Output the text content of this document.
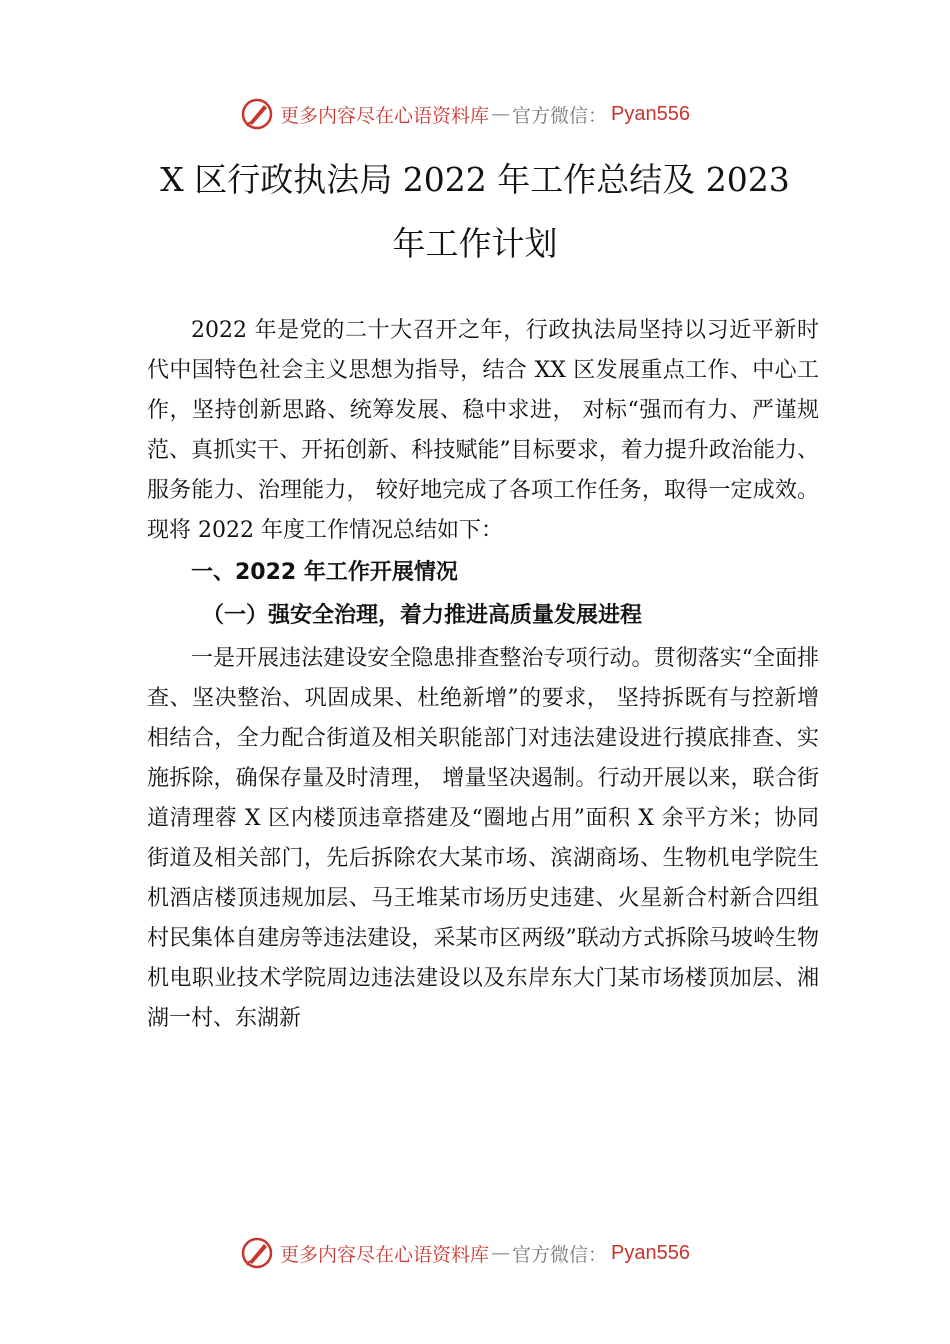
更多内容尽在心语资料库 — 官方微信： Pyan556
X 区行政执法局 2022 年工作总结及 2023
年工作计划

2022 年是党的二十大召开之年，行政执法局坚持以习近平新时代中国特色社会主义思想为指导，结合 XX 区发展重点工作、中心工作，坚持创新思路、统筹发展、稳中求进， 对标“强而有力、严谨规范、真抓实干、开拓创新、科技赋能”目标要求，着力提升政治能力、服务能力、治理能力， 较好地完成了各项工作任务，取得一定成效。现将 2022 年度工作情况总结如下：

一、2022 年工作开展情况

（一）强安全治理，着力推进高质量发展进程

一是开展违法建设安全隐患排查整治专项行动。贯彻落实“全面排查、坚决整治、巩固成果、杜绝新增”的要求， 坚持拆既有与控新增相结合，全力配合街道及相关职能部门对违法建设进行摸底排查、实施拆除，确保存量及时清理， 增量坚决遏制。行动开展以来，联合街道清理蓉 X 区内楼顶违章搭建及“圈地占用”面积 X 余平方米；协同街道及相关部门，先后拆除农大某市场、滨湖商场、生物机电学院生机酒店楼顶违规加层、马王堆某市场历史违建、火星新合村新合四组村民集体自建房等违法建设，采某市区两级”联动方式拆除马坡岭生物机电职业技术学院周边违法建设以及东岸东大门某市场楼顶加层、湘湖一村、东湖新

更多内容尽在心语资料库 — 官方微信： Pyan556
